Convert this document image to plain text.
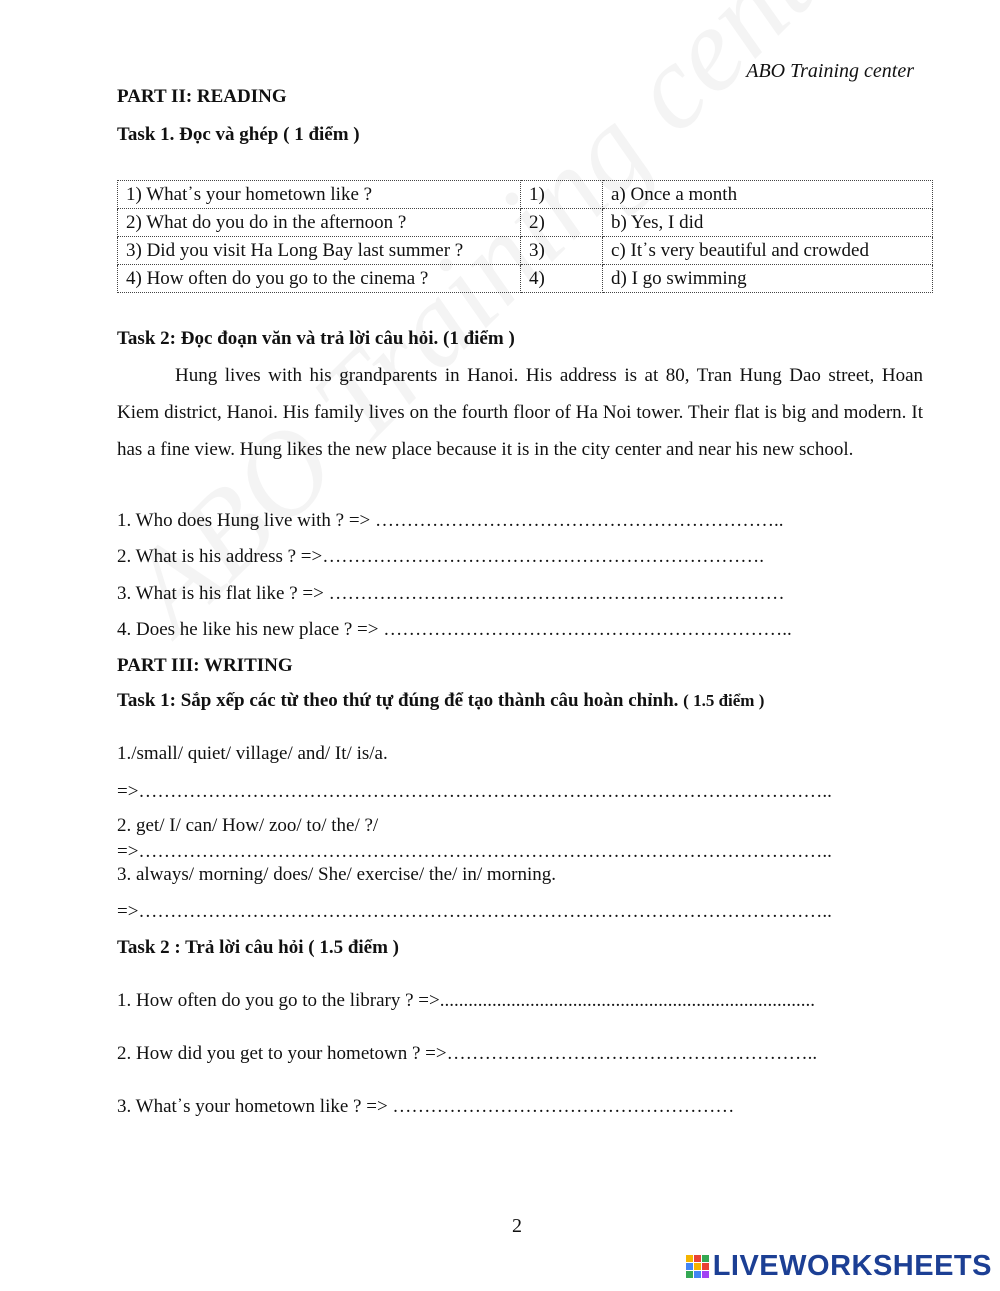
ABO Training center
PART II: READING
Task 1. Đọc và ghép ( 1 điểm )
1) What᾿s your hometown like ?	1)	a) Once a month
2) What do you do in the afternoon ?	2)	b) Yes, I did
3) Did you visit Ha Long Bay last summer ?	3)	c) It᾿s very beautiful and crowded
4) How often do you go to the cinema ?	4)	d) I go swimming
Task 2: Đọc đoạn văn và trả lời câu hỏi. (1 điểm )
Hung lives with his grandparents in Hanoi. His address is at 80, Tran Hung Dao street, Hoan Kiem district, Hanoi. His family lives on the fourth floor of Ha Noi tower. Their flat is big and modern. It has a fine view. Hung likes the new place because it is in the city center and near his new school.
1. Who does Hung live with ? => ………………………………………………………..
2. What is his address ? =>…………………………………………………………….
3. What is his flat like ? => ………………………………………………………………
4. Does he like his new place ? => ………………………………………………………..
PART III: WRITING
Task 1: Sắp xếp các từ theo thứ tự đúng để tạo thành câu hoàn chỉnh. ( 1.5 điểm )
1./small/ quiet/ village/ and/ It/ is/a.
=>………………………………………………………………………………………………..
2. get/ I/ can/ How/ zoo/ to/ the/ ?/
=>………………………………………………………………………………………………..
3. always/ morning/ does/ She/ exercise/ the/ in/ morning.
=>………………………………………………………………………………………………..
Task 2 : Trả lời câu hỏi ( 1.5 điểm )
1. How often do you go to the library ? =>...............................................................................
2. How did you get to your hometown ? =>…………………………………………………..
3. What᾿s your hometown like ? => ………………………………………………
2
LIVEWORKSHEETS
